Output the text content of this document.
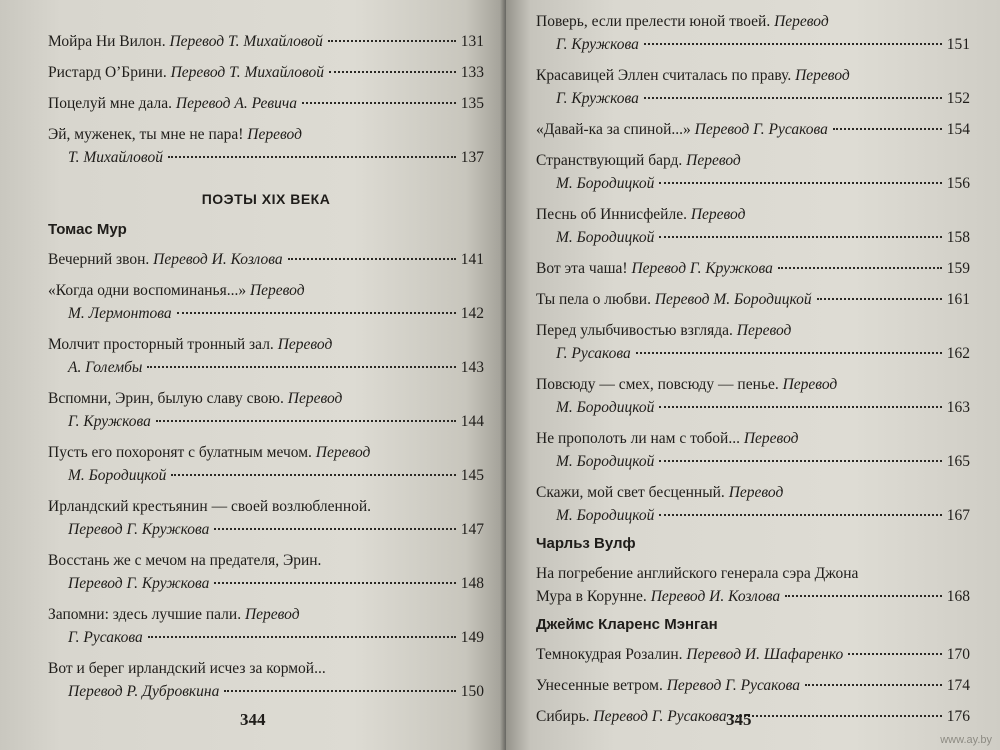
Мойра Ни Вилон. Перевод Т. Михайловой	131
Ристард О’Брини. Перевод Т. Михайловой	133
Поцелуй мне дала. Перевод А. Ревича	135
Эй, муженек, ты мне не пара! Перевод
Т. Михайловой	137
ПОЭТЫ XIX ВЕКА
Томас Мур
Вечерний звон. Перевод И. Козлова	141
«Когда одни воспоминанья...» Перевод
М. Лермонтова	142
Молчит просторный тронный зал. Перевод
А. Голембы	143
Вспомни, Эрин, былую славу свою. Перевод
Г. Кружкова	144
Пусть его похоронят с булатным мечом. Перевод
М. Бородицкой	145
Ирландский крестьянин — своей возлюбленной.
Перевод Г. Кружкова	147
Восстань же с мечом на предателя, Эрин.
Перевод Г. Кружкова	148
Запомни: здесь лучшие пали. Перевод
Г. Русакова	149
Вот и берег ирландский исчез за кормой...
Перевод Р. Дубровкина	150
344
Поверь, если прелести юной твоей. Перевод
Г. Кружкова	151
Красавицей Эллен считалась по праву. Перевод
Г. Кружкова	152
«Давай-ка за спиной...» Перевод Г. Русакова	154
Странствующий бард. Перевод
М. Бородицкой	156
Песнь об Иннисфейле. Перевод
М. Бородицкой	158
Вот эта чаша! Перевод Г. Кружкова	159
Ты пела о любви. Перевод М. Бородицкой	161
Перед улыбчивостью взгляда. Перевод
Г. Русакова	162
Повсюду — смех, повсюду — пенье. Перевод
М. Бородицкой	163
Не прополоть ли нам с тобой... Перевод
М. Бородицкой	165
Скажи, мой свет бесценный. Перевод
М. Бородицкой	167
Чарльз Вулф
На погребение английского генерала сэра Джона
Мура в Корунне. Перевод И. Козлова	168
Джеймс Кларенс Мэнган
Темнокудрая Розалин. Перевод И. Шафаренко	170
Унесенные ветром. Перевод Г. Русакова	174
Сибирь. Перевод Г. Русакова	176
345
www.ay.by
